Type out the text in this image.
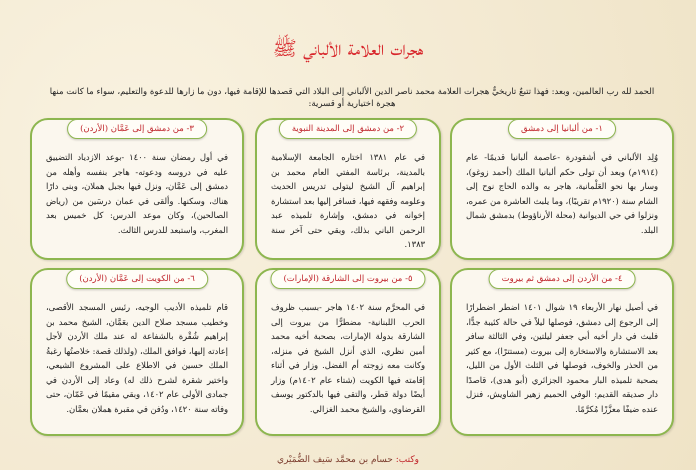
هجرات العلامة الألباني ﷺ
الحمد لله رب العالمين، وبعد: فهذا تتبعٌ تاريخيٌّ هجرات العلامة محمد ناصر الدين الألباني إلى البلاد التي قصدها للإقامة فيها، دون ما زارها للدعوة والتعليم، سواء ما كانت منها هجرة اختيارية أو قسرية:
١- من ألبانيا إلى دمشق
وُلِد الألباني في أشقودرة -عاصمة ألبانيا قديمًا- عام (١٩١٤م) وبعد أن تولى حكم ألبانيا الملك (أحمد زوغو)، وسار بها نحو العَلْمانية، هاجر به والده الحاج نوح إلى الشام سنة (١٩٢٠م تقريبًا)، وما يلبث العاشرة من عمره، ونزلوا في حي الديوانية (محلة الأرناؤوط) بدمشق شمال البلد.
٢- من دمشق إلى المدينة النبوية
في عام ١٣٨١ اختاره الجامعة الإسلامية بالمدينة، برئاسة المفتي العام محمد بن إبراهيم آل الشيخ ليتولى تدريس الحديث وعلومه وفقهه فيها، فسافر إليها بعد استشارة إخوانه في دمشق، وإشارة تلميذه عبد الرحمن الباني بذلك، وبقي حتى آخر سنة ١٣٨٣.
٣- من دمشق إلى عَمَّان (الأردن)
في أول رمضان سنة ١٤٠٠ -بوعد الازدياد التضييق عليه في دروسه ودعوته- هاجر بنفسه وأهله من دمشق إلى عَمَّان، ونزل فيها بجبل هملان، وبنى دارًا هناك، وسكنها. وألقى في عمان درسَين من (رياض الصالحين)، وكان موعد الدرس: كل خميس بعد المغرب، واستبعد للدرس الثالث.
٤- من الأردن إلى دمشق ثم بيروت
في أصيل نهار الأربعاء ١٩ شوال ١٤٠١ اضطر اضطرارًا إلى الرجوع إلى دمشق، فوصلها ليلاً في حالة كئيبة جدًّا، فلبث في دار أخيه أبي جعفر ليلتين، وفي الثالثة سافر بعد الاستشارة والاستخارة إلى بيروت (مستترًا)، مع كثير من الحذر والخوف، فوصلها في الثلث الأول من الليل، بصحبة تلميذه البار محمود الجزائري (أبو هدى)، قاصدًا دار صديقه القديم: الوفي الحميم زهير الشاويش، فنزل عنده ضيفًا معزَّزًا مُكرَّمًا.
٥- من بيروت إلى الشارقة (الإمارات)
في المحرَّم سنة ١٤٠٢ هاجر -بسبب ظروف الحرب اللبنانية- مضطرًّا من بيروت إلى الشارقة بدولة الإمارات، بصحبة أخيه محمد أمين نظري، الذي أنزل الشيخ في منزله، وكانت معه زوجته أم الفضل. وزار في أثناء إقامته فيها الكويت (شتاء عام ١٤٠٢م) وزار أيضًا دولة قطر، والتقى فيها بالدكتور يوسف القرضاوي، والشيخ محمد الغزالي.
٦- من الكويت إلى عَمَّان (الأردن)
قام تلميذه الأديب الوجيه، رئيس المسجد الأقصى، وخطيب مسجد صلاح الدين بعَمَّان، الشيخ محمد بن إبراهيم شُقْرة بالشفاعة له عند ملك الأردن لأجل إعادته إليها، فوافق الملك، (ولذلك قصة: خلاصتُها رغبةُ الملك حسين في الاطلاع على المشروع الشيعي، واختير شقرة لشرح ذلك له) وعاد إلى الأردن في جمادى الأولى عام ١٤٠٢، وبقي مقيمًا في عَمّان، حتى وفاته سنة ١٤٢٠، ودُفن في مقبرة هملان بعمَّان.
وكتب: حسام بن محمَّد سَيف الضُّمَيْري
